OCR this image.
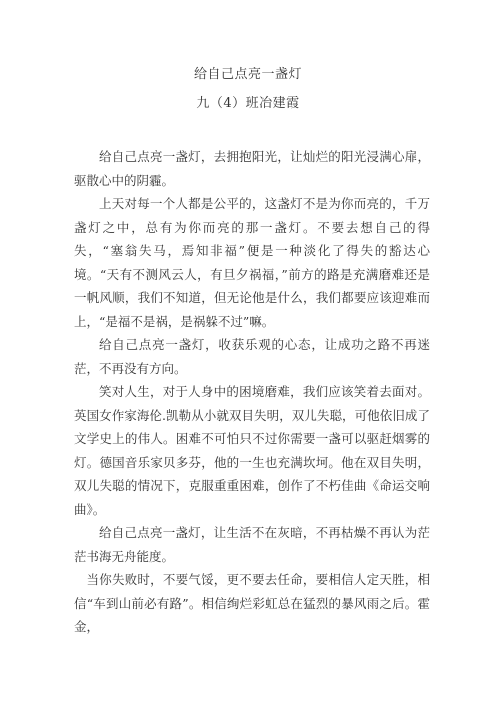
给自己点亮一盏灯
九（4）班冶建霞

给自己点亮一盏灯，去拥抱阳光，让灿烂的阳光浸满心扉，驱散心中的阴霾。

上天对每一个人都是公平的，这盏灯不是为你而亮的，千万盏灯之中，总有为你而亮的那一盏灯。不要去想自己的得失，“塞翁失马，焉知非福”便是一种淡化了得失的豁达心境。“天有不测风云人，有旦夕祸福，”前方的路是充满磨难还是一帆风顺，我们不知道，但无论他是什么，我们都要应该迎难而上，“是福不是祸，是祸躲不过”嘛。

给自己点亮一盏灯，收获乐观的心态，让成功之路不再迷茫，不再没有方向。

笑对人生，对于人身中的困境磨难，我们应该笑着去面对。英国女作家海伦.凯勒从小就双目失明，双儿失聪，可他依旧成了文学史上的伟人。困难不可怕只不过你需要一盏可以驱赶烟雾的灯。德国音乐家贝多芬，他的一生也充满坎坷。他在双目失明，双儿失聪的情况下，克服重重困难，创作了不朽佳曲《命运交响曲》。

给自己点亮一盏灯，让生活不在灰暗，不再枯燥不再认为茫茫书海无舟能度。

当你失败时，不要气馁，更不要去任命，要相信人定天胜，相信“车到山前必有路”。相信绚烂彩虹总在猛烈的暴风雨之后。霍金，
